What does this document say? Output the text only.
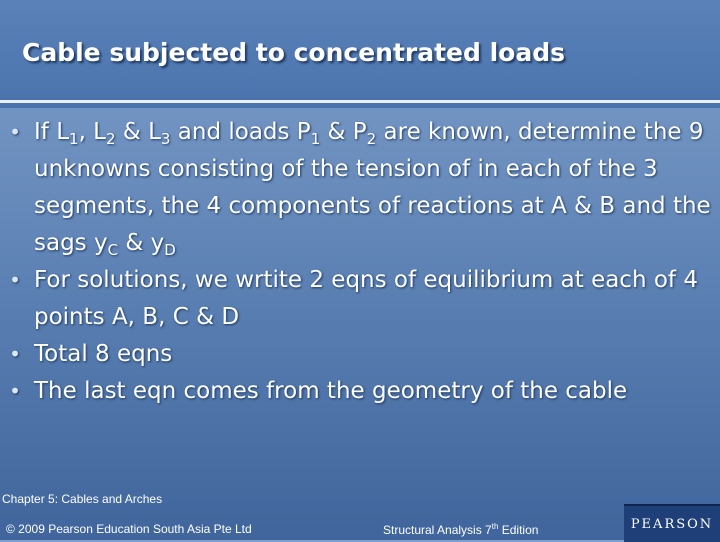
Cable subjected to concentrated loads
• If $L_1$, $L_2$ & $L_3$ and loads $P_1$ & $P_2$ are known, determine the 9 unknowns consisting of the tension of in each of the 3 segments, the 4 components of reactions at A & B and the sags $y_C$ & $y_D$
• For solutions, we wrtite 2 eqns of equilibrium at each of 4 points A, B, C & D
• Total 8 eqns
• The last eqn comes from the geometry of the cable
Chapter 5: Cables and Arches
© 2009 Pearson Education South Asia Pte Ltd	Structural Analysis 7th Edition	PEARSON
